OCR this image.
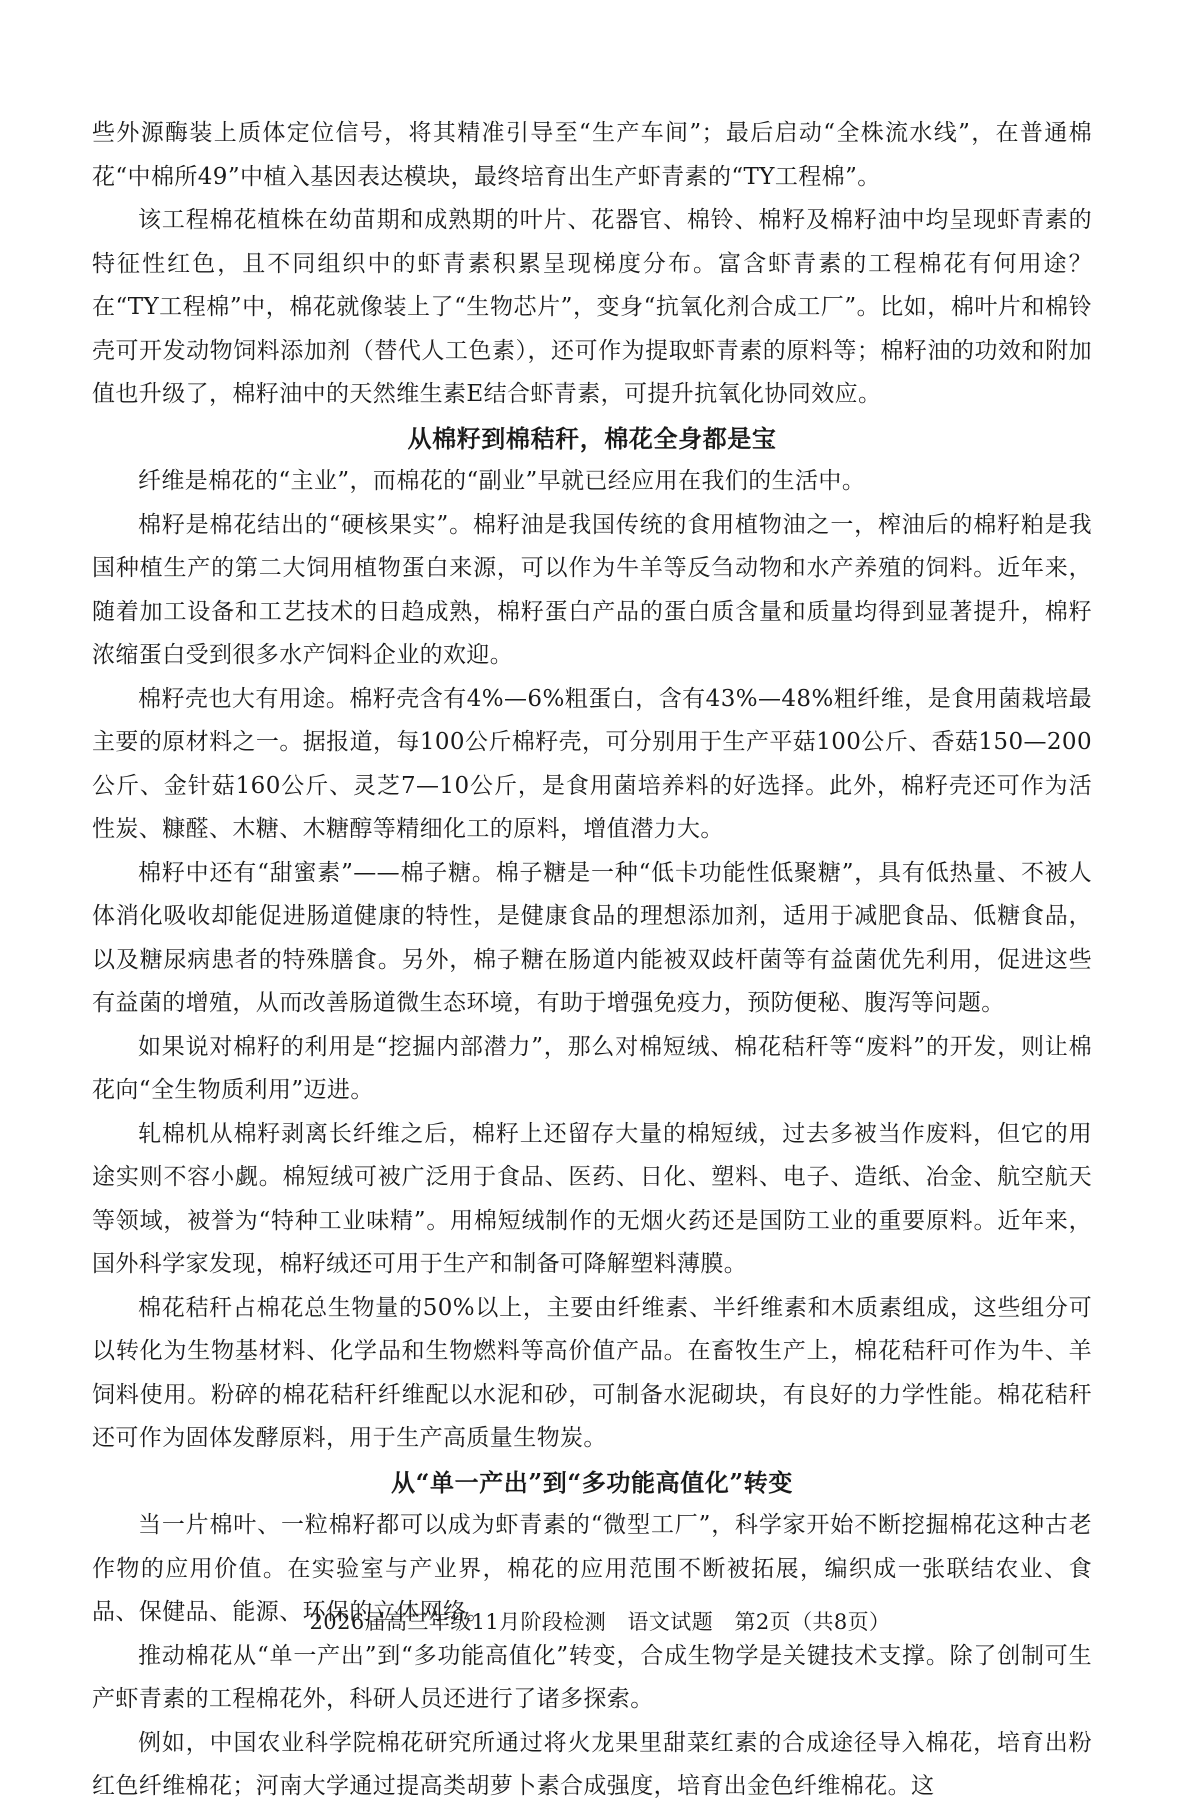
些外源酶装上质体定位信号，将其精准引导至“生产车间”；最后启动“全株流水线”，在普通棉花“中棉所49”中植入基因表达模块，最终培育出生产虾青素的“TY工程棉”。

该工程棉花植株在幼苗期和成熟期的叶片、花器官、棉铃、棉籽及棉籽油中均呈现虾青素的特征性红色，且不同组织中的虾青素积累呈现梯度分布。富含虾青素的工程棉花有何用途？在“TY工程棉”中，棉花就像装上了“生物芯片”，变身“抗氧化剂合成工厂”。比如，棉叶片和棉铃壳可开发动物饲料添加剂（替代人工色素），还可作为提取虾青素的原料等；棉籽油的功效和附加值也升级了，棉籽油中的天然维生素E结合虾青素，可提升抗氧化协同效应。

从棉籽到棉秸秆，棉花全身都是宝

纤维是棉花的“主业”，而棉花的“副业”早就已经应用在我们的生活中。

棉籽是棉花结出的“硬核果实”。棉籽油是我国传统的食用植物油之一，榨油后的棉籽粕是我国种植生产的第二大饲用植物蛋白来源，可以作为牛羊等反刍动物和水产养殖的饲料。近年来，随着加工设备和工艺技术的日趋成熟，棉籽蛋白产品的蛋白质含量和质量均得到显著提升，棉籽浓缩蛋白受到很多水产饲料企业的欢迎。

棉籽壳也大有用途。棉籽壳含有4%—6%粗蛋白，含有43%—48%粗纤维，是食用菌栽培最主要的原材料之一。据报道，每100公斤棉籽壳，可分别用于生产平菇100公斤、香菇150—200公斤、金针菇160公斤、灵芝7—10公斤，是食用菌培养料的好选择。此外，棉籽壳还可作为活性炭、糠醛、木糖、木糖醇等精细化工的原料，增值潜力大。

棉籽中还有“甜蜜素”——棉子糖。棉子糖是一种“低卡功能性低聚糖”，具有低热量、不被人体消化吸收却能促进肠道健康的特性，是健康食品的理想添加剂，适用于减肥食品、低糖食品，以及糖尿病患者的特殊膳食。另外，棉子糖在肠道内能被双歧杆菌等有益菌优先利用，促进这些有益菌的增殖，从而改善肠道微生态环境，有助于增强免疫力，预防便秘、腹泻等问题。

如果说对棉籽的利用是“挖掘内部潜力”，那么对棉短绒、棉花秸秆等“废料”的开发，则让棉花向“全生物质利用”迈进。

轧棉机从棉籽剥离长纤维之后，棉籽上还留存大量的棉短绒，过去多被当作废料，但它的用途实则不容小觑。棉短绒可被广泛用于食品、医药、日化、塑料、电子、造纸、冶金、航空航天等领域，被誉为“特种工业味精”。用棉短绒制作的无烟火药还是国防工业的重要原料。近年来，国外科学家发现，棉籽绒还可用于生产和制备可降解塑料薄膜。

棉花秸秆占棉花总生物量的50%以上，主要由纤维素、半纤维素和木质素组成，这些组分可以转化为生物基材料、化学品和生物燃料等高价值产品。在畜牧生产上，棉花秸秆可作为牛、羊饲料使用。粉碎的棉花秸秆纤维配以水泥和砂，可制备水泥砌块，有良好的力学性能。棉花秸秆还可作为固体发酵原料，用于生产高质量生物炭。

从“单一产出”到“多功能高值化”转变

当一片棉叶、一粒棉籽都可以成为虾青素的“微型工厂”，科学家开始不断挖掘棉花这种古老作物的应用价值。在实验室与产业界，棉花的应用范围不断被拓展，编织成一张联结农业、食品、保健品、能源、环保的立体网络。

推动棉花从“单一产出”到“多功能高值化”转变，合成生物学是关键技术支撑。除了创制可生产虾青素的工程棉花外，科研人员还进行了诸多探索。

例如，中国农业科学院棉花研究所通过将火龙果里甜菜红素的合成途径导入棉花，培育出粉红色纤维棉花；河南大学通过提高类胡萝卜素合成强度，培育出金色纤维棉花。这

2026届高三年级11月阶段检测　语文试题　第2页（共8页）
